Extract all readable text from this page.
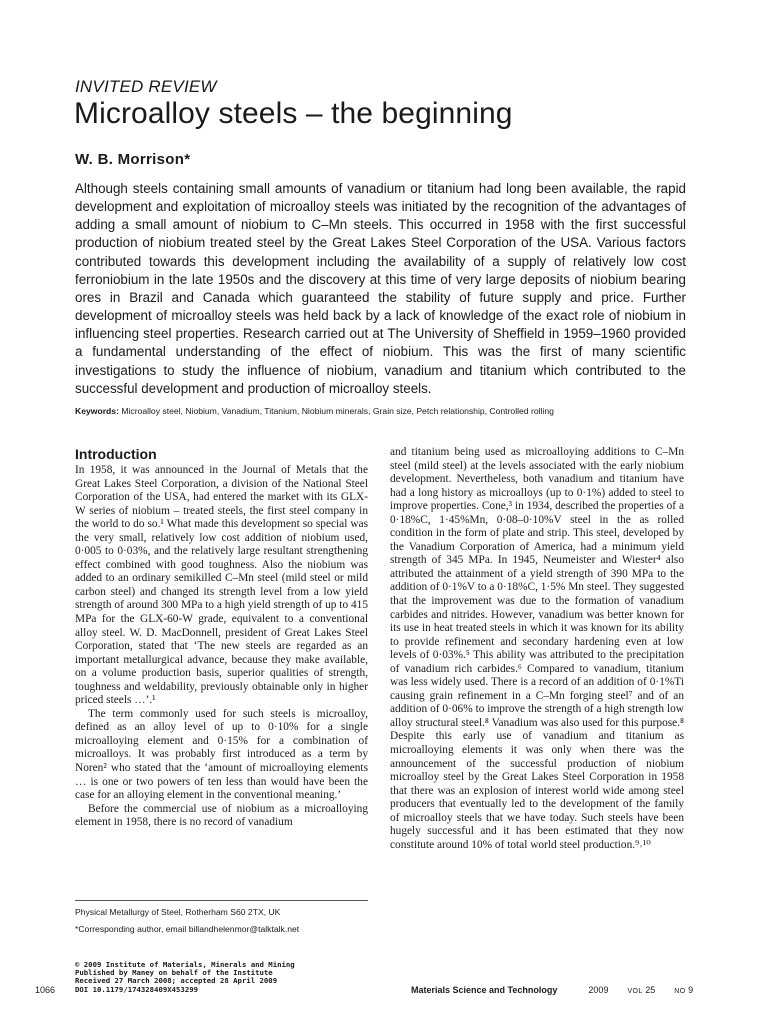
INVITED REVIEW
Microalloy steels – the beginning
W. B. Morrison*
Although steels containing small amounts of vanadium or titanium had long been available, the rapid development and exploitation of microalloy steels was initiated by the recognition of the advantages of adding a small amount of niobium to C–Mn steels. This occurred in 1958 with the first successful production of niobium treated steel by the Great Lakes Steel Corporation of the USA. Various factors contributed towards this development including the availability of a supply of relatively low cost ferroniobium in the late 1950s and the discovery at this time of very large deposits of niobium bearing ores in Brazil and Canada which guaranteed the stability of future supply and price. Further development of microalloy steels was held back by a lack of knowledge of the exact role of niobium in influencing steel properties. Research carried out at The University of Sheffield in 1959–1960 provided a fundamental understanding of the effect of niobium. This was the first of many scientific investigations to study the influence of niobium, vanadium and titanium which contributed to the successful development and production of microalloy steels.
Keywords: Microalloy steel, Niobium, Vanadium, Titanium, Niobium minerals, Grain size, Petch relationship, Controlled rolling
Introduction

In 1958, it was announced in the Journal of Metals that the Great Lakes Steel Corporation, a division of the National Steel Corporation of the USA, had entered the market with its GLX-W series of niobium – treated steels, the first steel company in the world to do so.¹ What made this development so special was the very small, relatively low cost addition of niobium used, 0·005 to 0·03%, and the relatively large resultant strengthening effect combined with good toughness. Also the niobium was added to an ordinary semikilled C–Mn steel (mild steel or mild carbon steel) and changed its strength level from a low yield strength of around 300 MPa to a high yield strength of up to 415 MPa for the GLX-60-W grade, equivalent to a conventional alloy steel. W. D. MacDonnell, president of Great Lakes Steel Corporation, stated that ‘The new steels are regarded as an important metallurgical advance, because they make available, on a volume production basis, superior qualities of strength, toughness and weldability, previously obtainable only in higher priced steels …’.¹

The term commonly used for such steels is microalloy, defined as an alloy level of up to 0·10% for a single microalloying element and 0·15% for a combination of microalloys. It was probably first introduced as a term by Noren² who stated that the ‘amount of microalloying elements … is one or two powers of ten less than would have been the case for an alloying element in the conventional meaning.’

Before the commercial use of niobium as a microalloying element in 1958, there is no record of vanadium

and titanium being used as microalloying additions to C–Mn steel (mild steel) at the levels associated with the early niobium development. Nevertheless, both vanadium and titanium have had a long history as microalloys (up to 0·1%) added to steel to improve properties. Cone,³ in 1934, described the properties of a 0·18%C, 1·45%Mn, 0·08–0·10%V steel in the as rolled condition in the form of plate and strip. This steel, developed by the Vanadium Corporation of America, had a minimum yield strength of 345 MPa. In 1945, Neumeister and Wiester⁴ also attributed the attainment of a yield strength of 390 MPa to the addition of 0·1%V to a 0·18%C, 1·5% Mn steel. They suggested that the improvement was due to the formation of vanadium carbides and nitrides. However, vanadium was better known for its use in heat treated steels in which it was known for its ability to provide refinement and secondary hardening even at low levels of 0·03%.⁵ This ability was attributed to the precipitation of vanadium rich carbides.⁶ Compared to vanadium, titanium was less widely used. There is a record of an addition of 0·1%Ti causing grain refinement in a C–Mn forging steel⁷ and of an addition of 0·06% to improve the strength of a high strength low alloy structural steel.⁸ Vanadium was also used for this purpose.⁸ Despite this early use of vanadium and titanium as microalloying elements it was only when there was the announcement of the successful production of niobium microalloy steel by the Great Lakes Steel Corporation in 1958 that there was an explosion of interest world wide among steel producers that eventually led to the development of the family of microalloy steels that we have today. Such steels have been hugely successful and it has been estimated that they now constitute around 10% of total world steel production.⁹˒¹⁰

Physical Metallurgy of Steel, Rotherham S60 2TX, UK
*Corresponding author, email billandhelenmor@talktalk.net
© 2009 Institute of Materials, Minerals and Mining
Published by Maney on behalf of the Institute
Received 27 March 2008; accepted 28 April 2009
DOI 10.1179/174328409X453299
1066	Materials Science and Technology	2009	VOL 25	NO 9
